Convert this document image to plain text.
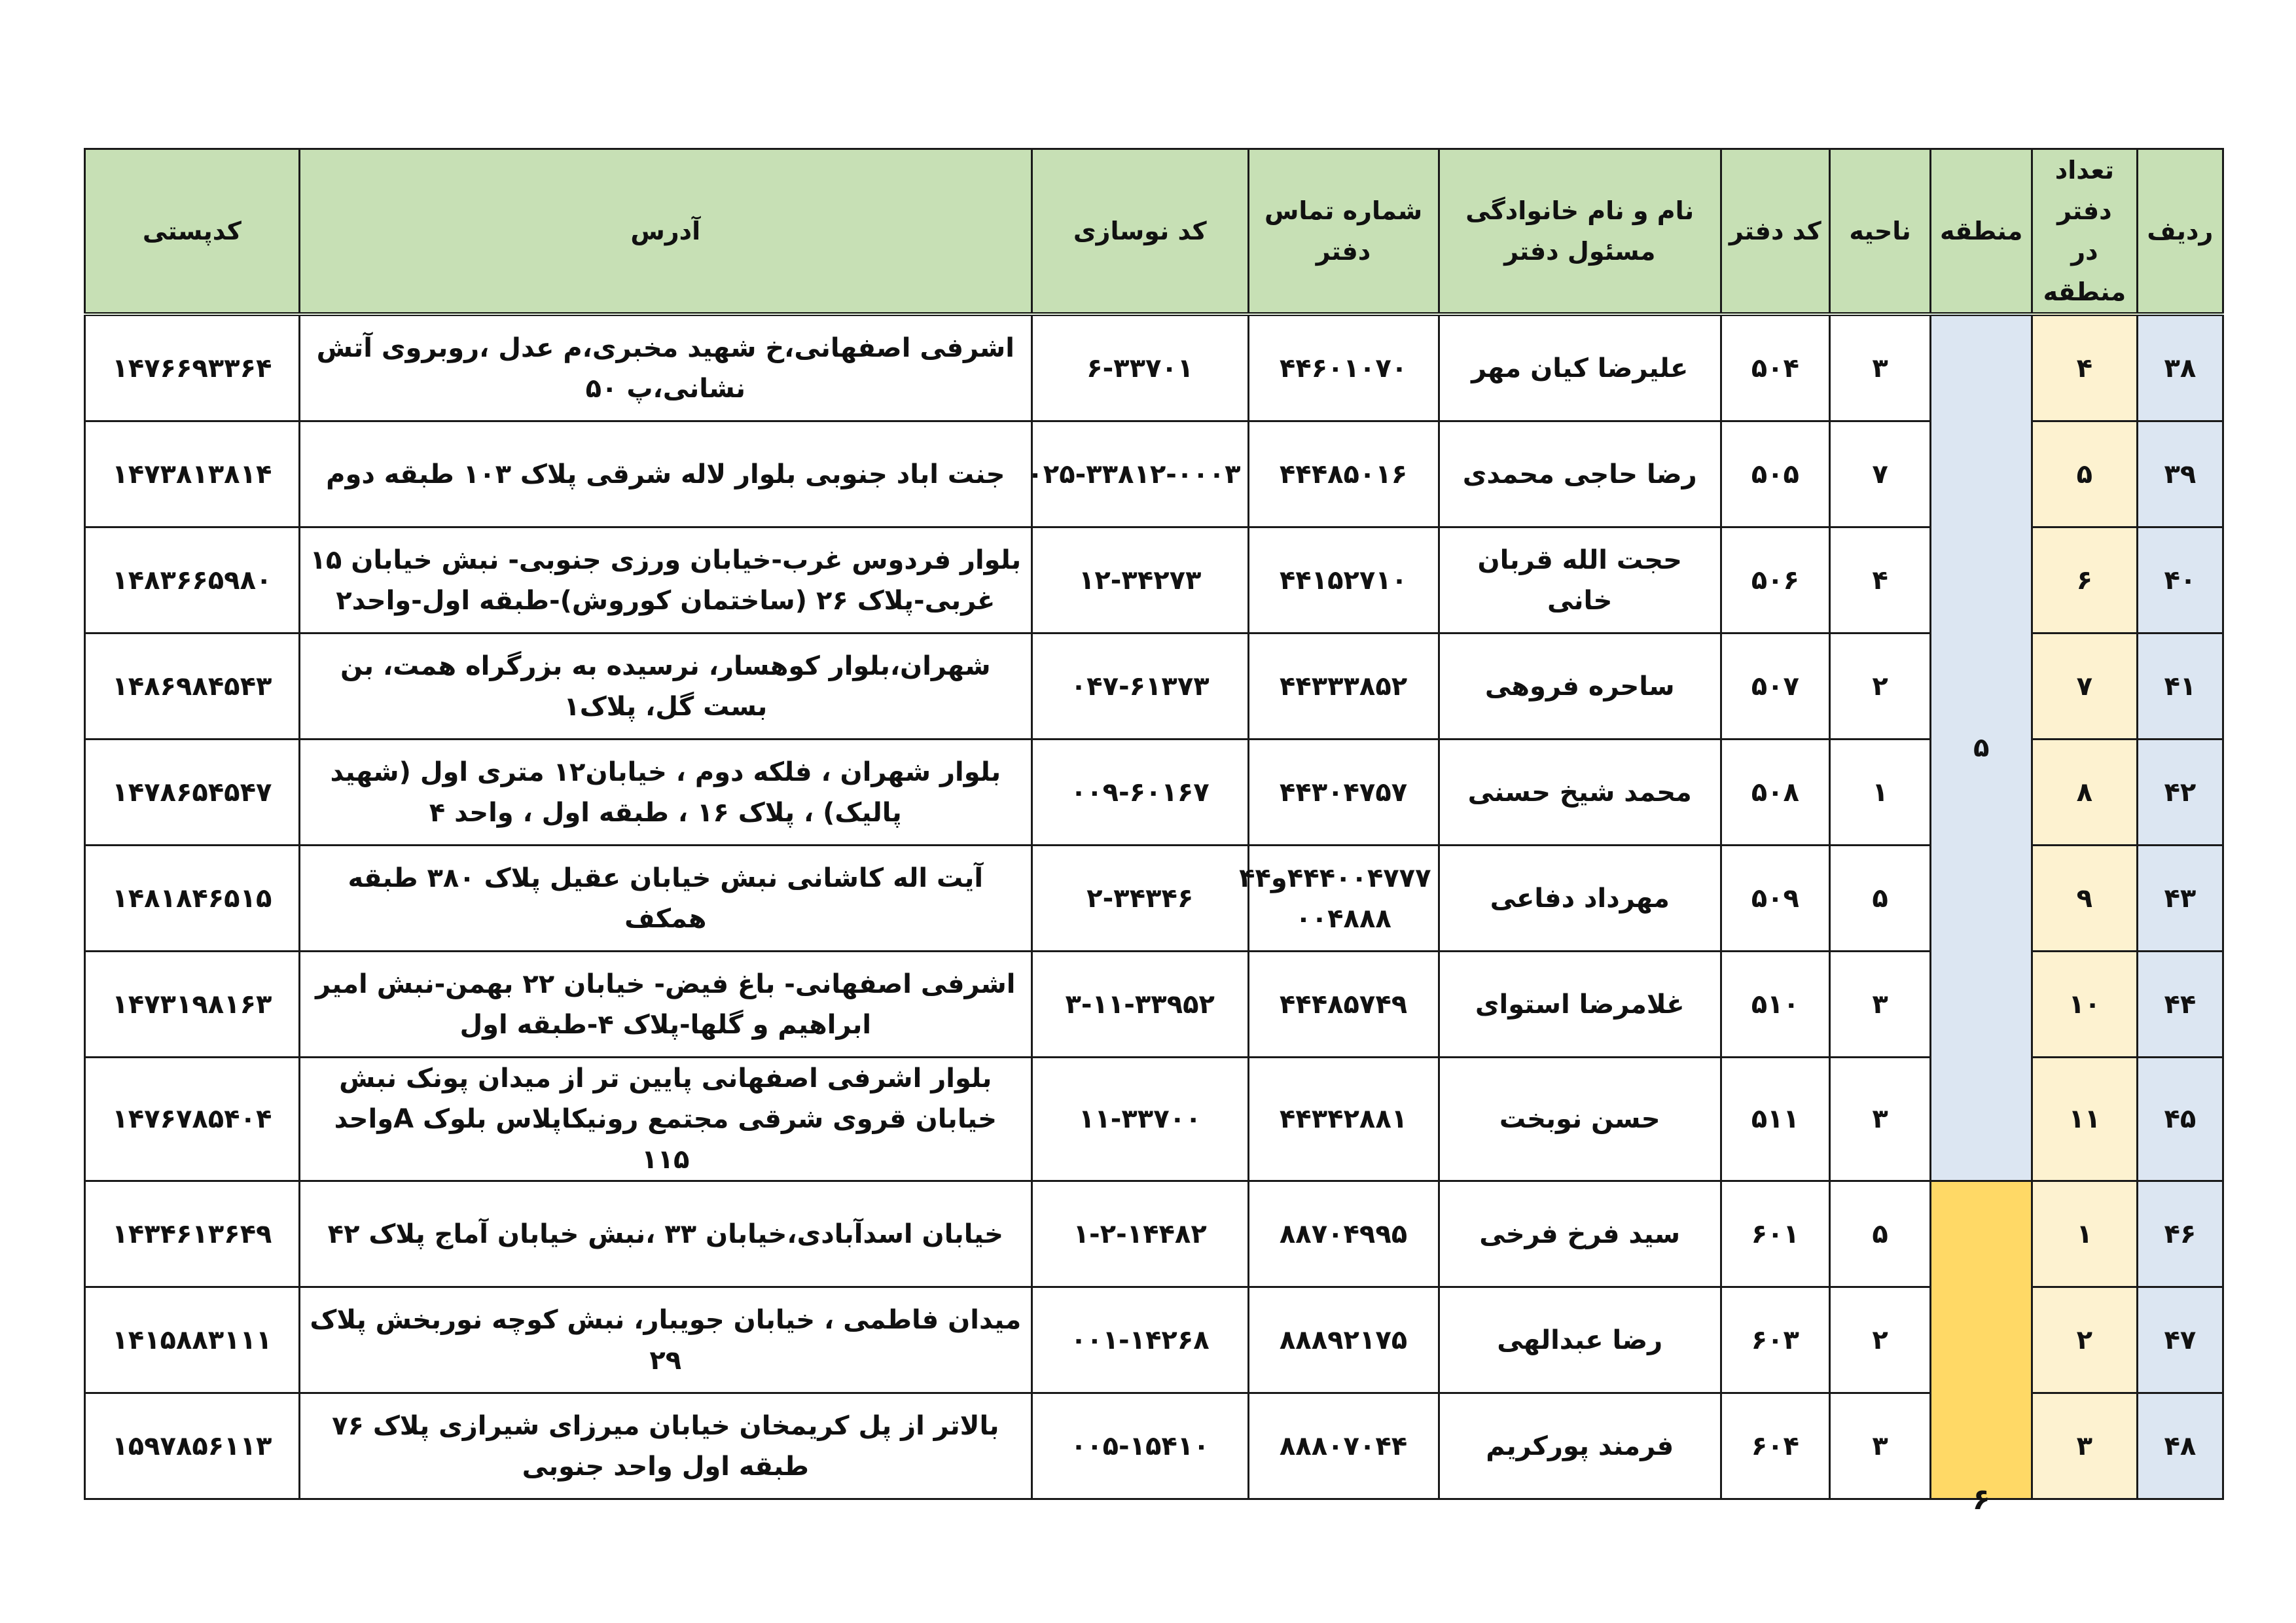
ردیف	تعداد دفتر در منطقه	منطقه	ناحیه	کد دفتر	نام و نام خانوادگی مسئول دفتر	شماره تماس دفتر	کد نوسازی	آدرس	کدپستی
۳۸	۴	۵	۳	۵۰۴	علیرضا کیان مهر	۴۴۶۰۱۰۷۰	۶-۳۳۷۰۱	اشرفی اصفهانی،خ شهید مخبری،م عدل ،روبروی آتش نشانی،پ ۵۰	۱۴۷۶۶۹۳۳۶۴
۳۹	۵		۷	۵۰۵	رضا حاجی محمدی	۴۴۴۸۵۰۱۶	۰۲۵-۳۳۸۱۲-۰۰۰۳	جنت اباد جنوبی بلوار لاله شرقی پلاک ۱۰۳ طبقه دوم	۱۴۷۳۸۱۳۸۱۴
۴۰	۶		۴	۵۰۶	حجت الله قربان خانی	۴۴۱۵۲۷۱۰	۱۲-۳۴۲۷۳	بلوار فردوس غرب-خیابان ورزی جنوبی- نبش خیابان ۱۵ غربی-پلاک ۲۶ (ساختمان کوروش)-طبقه اول-واحد۲	۱۴۸۳۶۶۵۹۸۰
۴۱	۷		۲	۵۰۷	ساحره فروهی	۴۴۳۳۳۸۵۲	۰۴۷-۶۱۳۷۳	شهران،بلوار کوهسار، نرسیده به بزرگراه همت، بن بست گل، پلاک۱	۱۴۸۶۹۸۴۵۴۳
۴۲	۸		۱	۵۰۸	محمد شیخ حسنی	۴۴۳۰۴۷۵۷	۰۰۹-۶۰۱۶۷	بلوار شهران ، فلکه دوم ، خیابان۱۲ متری اول (شهید پالیک) ، پلاک ۱۶ ، طبقه اول ، واحد ۴	۱۴۷۸۶۵۴۵۴۷
۴۳	۹		۵	۵۰۹	مهرداد دفاعی	۴۴۴۰۰۴۷۷۷و۴۴ ۰۰۴۸۸۸	۲-۳۴۳۴۶	آیت اله کاشانی نبش خیابان عقیل پلاک ۳۸۰ طبقه همکف	۱۴۸۱۸۴۶۵۱۵
۴۴	۱۰		۳	۵۱۰	غلامرضا استوای	۴۴۴۸۵۷۴۹	۳-۱۱-۳۳۹۵۲	اشرفی اصفهانی- باغ فیض- خیابان ۲۲ بهمن-نبش امیر ابراهیم و گلها-پلاک ۴-طبقه اول	۱۴۷۳۱۹۸۱۶۳
۴۵	۱۱		۳	۵۱۱	حسن نوبخت	۴۴۳۴۲۸۸۱	۱۱-۳۳۷۰۰	بلوار اشرفی اصفهانی پایین تر از میدان پونک نبش خیابان قروی شرقی مجتمع رونیکاپلاس بلوک Aواحد ۱۱۵	۱۴۷۶۷۸۵۴۰۴
۴۶	۱	۶	۵	۶۰۱	سید فرخ فرخی	۸۸۷۰۴۹۹۵	۱-۲-۱۴۴۸۲	خیابان اسدآبادی،خیابان ۳۳ ،نبش خیابان آماج پلاک ۴۲	۱۴۳۴۶۱۳۶۴۹
۴۷	۲		۲	۶۰۳	رضا عبدالهی	۸۸۸۹۲۱۷۵	۰۰۱-۱۴۲۶۸	میدان فاطمی ، خیابان جویبار، نبش کوچه نوربخش پلاک ۲۹	۱۴۱۵۸۸۳۱۱۱
۴۸	۳		۳	۶۰۴	فرمند پورکریم	۸۸۸۰۷۰۴۴	۰۰۵-۱۵۴۱۰	بالاتر از پل کریمخان خیابان میرزای شیرازی پلاک ۷۶ طبقه اول واحد جنوبی	۱۵۹۷۸۵۶۱۱۳
